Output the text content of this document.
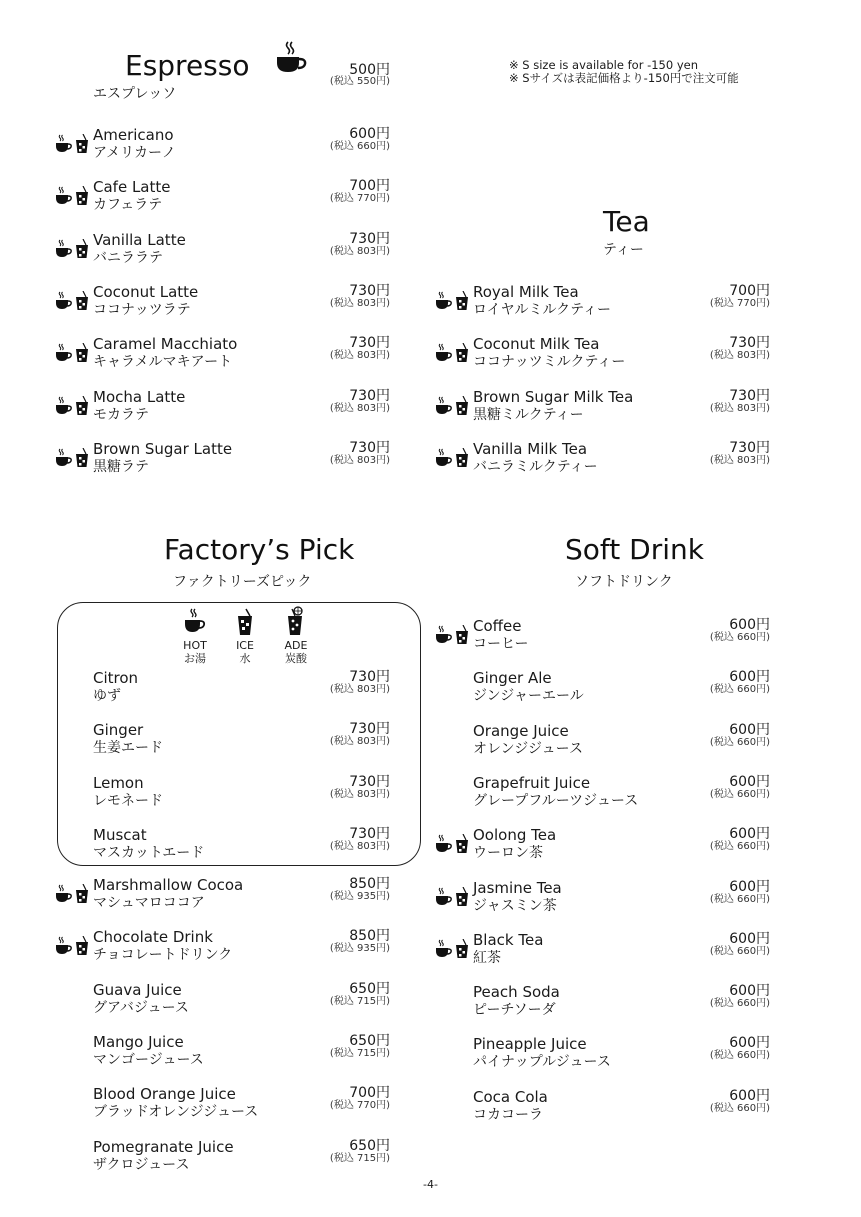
※ S size is available for -150 yen
※ Sサイズは表記価格より-150円で注文可能
Espresso
エスプレッソ
500円
(税込 550円)
Americano
アメリカーノ
600円
(税込 660円)
Cafe Latte
カフェラテ
700円
(税込 770円)
Vanilla Latte
バニララテ
730円
(税込 803円)
Coconut Latte
ココナッツラテ
730円
(税込 803円)
Caramel Macchiato
キャラメルマキアート
730円
(税込 803円)
Mocha Latte
モカラテ
730円
(税込 803円)
Brown Sugar Latte
黒糖ラテ
730円
(税込 803円)
Tea
ティー
Royal Milk Tea
ロイヤルミルクティー
700円
(税込 770円)
Coconut Milk Tea
ココナッツミルクティー
730円
(税込 803円)
Brown Sugar Milk Tea
黒糖ミルクティー
730円
(税込 803円)
Vanilla Milk Tea
バニラミルクティー
730円
(税込 803円)
Factory’s Pick
ファクトリーズピック
HOT
お湯
ICE
水
ADE
炭酸
Citron
ゆず
730円
(税込 803円)
Ginger
生姜エード
730円
(税込 803円)
Lemon
レモネード
730円
(税込 803円)
Muscat
マスカットエード
730円
(税込 803円)
Marshmallow Cocoa
マシュマロココア
850円
(税込 935円)
Chocolate Drink
チョコレートドリンク
850円
(税込 935円)
Guava Juice
グアバジュース
650円
(税込 715円)
Mango Juice
マンゴージュース
650円
(税込 715円)
Blood Orange Juice
ブラッドオレンジジュース
700円
(税込 770円)
Pomegranate Juice
ザクロジュース
650円
(税込 715円)
Soft Drink
ソフトドリンク
Coffee
コーヒー
600円
(税込 660円)
Ginger Ale
ジンジャーエール
600円
(税込 660円)
Orange Juice
オレンジジュース
600円
(税込 660円)
Grapefruit Juice
グレープフルーツジュース
600円
(税込 660円)
Oolong Tea
ウーロン茶
600円
(税込 660円)
Jasmine Tea
ジャスミン茶
600円
(税込 660円)
Black Tea
紅茶
600円
(税込 660円)
Peach Soda
ピーチソーダ
600円
(税込 660円)
Pineapple Juice
パイナップルジュース
600円
(税込 660円)
Coca Cola
コカコーラ
600円
(税込 660円)
-4-
